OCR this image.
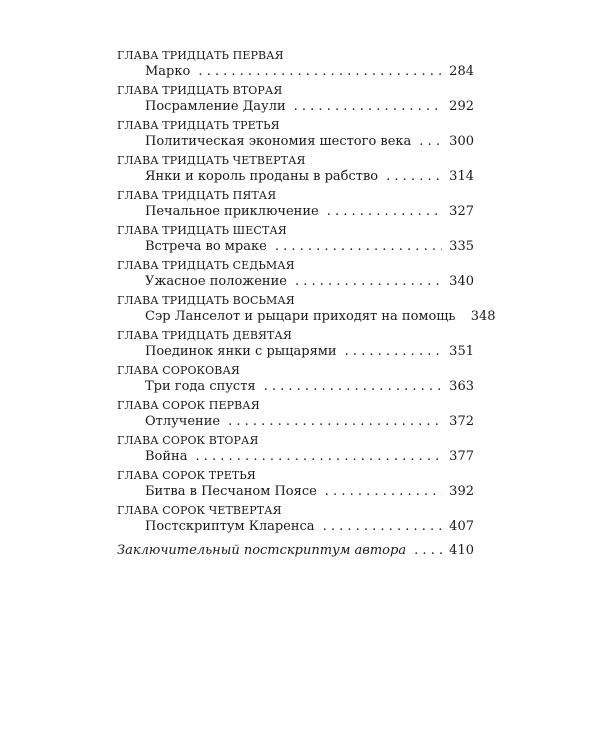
ГЛАВА ТРИДЦАТЬ ПЕРВАЯ
Марко . . .	284
ГЛАВА ТРИДЦАТЬ ВТОРАЯ
Посрамление Даули . . .	292
ГЛАВА ТРИДЦАТЬ ТРЕТЬЯ
Политическая экономия шестого века . . .	300
ГЛАВА ТРИДЦАТЬ ЧЕТВЕРТАЯ
Янки и король проданы в рабство . . .	314
ГЛАВА ТРИДЦАТЬ ПЯТАЯ
Печальное приключение . . .	327
ГЛАВА ТРИДЦАТЬ ШЕСТАЯ
Встреча во мраке . . .	335
ГЛАВА ТРИДЦАТЬ СЕДЬМАЯ
Ужасное положение . . .	340
ГЛАВА ТРИДЦАТЬ ВОСЬМАЯ
Сэр Ланселот и рыцари приходят на помощь 348
ГЛАВА ТРИДЦАТЬ ДЕВЯТАЯ
Поединок янки с рыцарями . . .	351
ГЛАВА СОРОКОВАЯ
Три года спустя . . .	363
ГЛАВА СОРОК ПЕРВАЯ
Отлучение . . .	372
ГЛАВА СОРОК ВТОРАЯ
Война . . .	377
ГЛАВА СОРОК ТРЕТЬЯ
Битва в Песчаном Поясе . . .	392
ГЛАВА СОРОК ЧЕТВЕРТАЯ
Постскриптум Кларенса . . .	407
Заключительный постскриптум автора . . .	410
